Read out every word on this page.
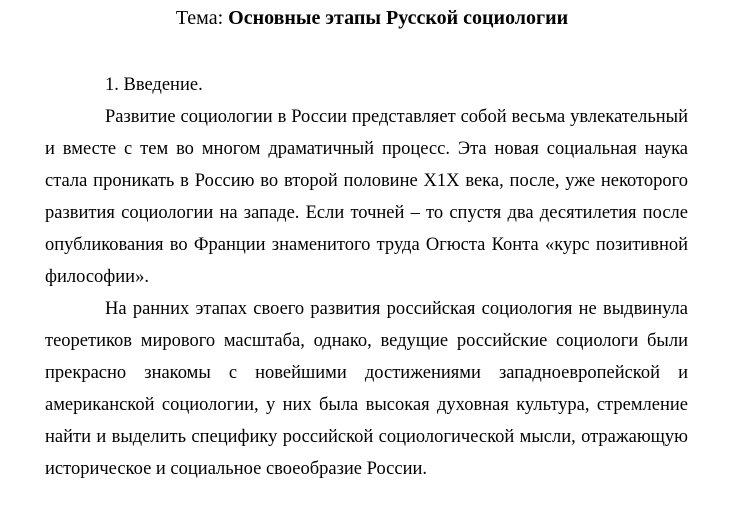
Тема: Основные этапы Русской социологии
1. Введение.

Развитие социологии в России представляет собой весьма увлекательный и вместе с тем во многом драматичный процесс. Эта новая социальная наука стала проникать в Россию во второй половине Х1Х века, после, уже некоторого развития социологии на западе. Если точней – то спустя два десятилетия после опубликования во Франции знаменитого труда Огюста Конта «курс позитивной философии».

На ранних этапах своего развития российская социология не выдвинула теоретиков мирового масштаба, однако, ведущие российские социологи были прекрасно знакомы с новейшими достижениями западноевропейской и американской социологии, у них была высокая духовная культура, стремление найти и выделить специфику российской социологической мысли, отражающую историческое и социальное своеобразие России.
